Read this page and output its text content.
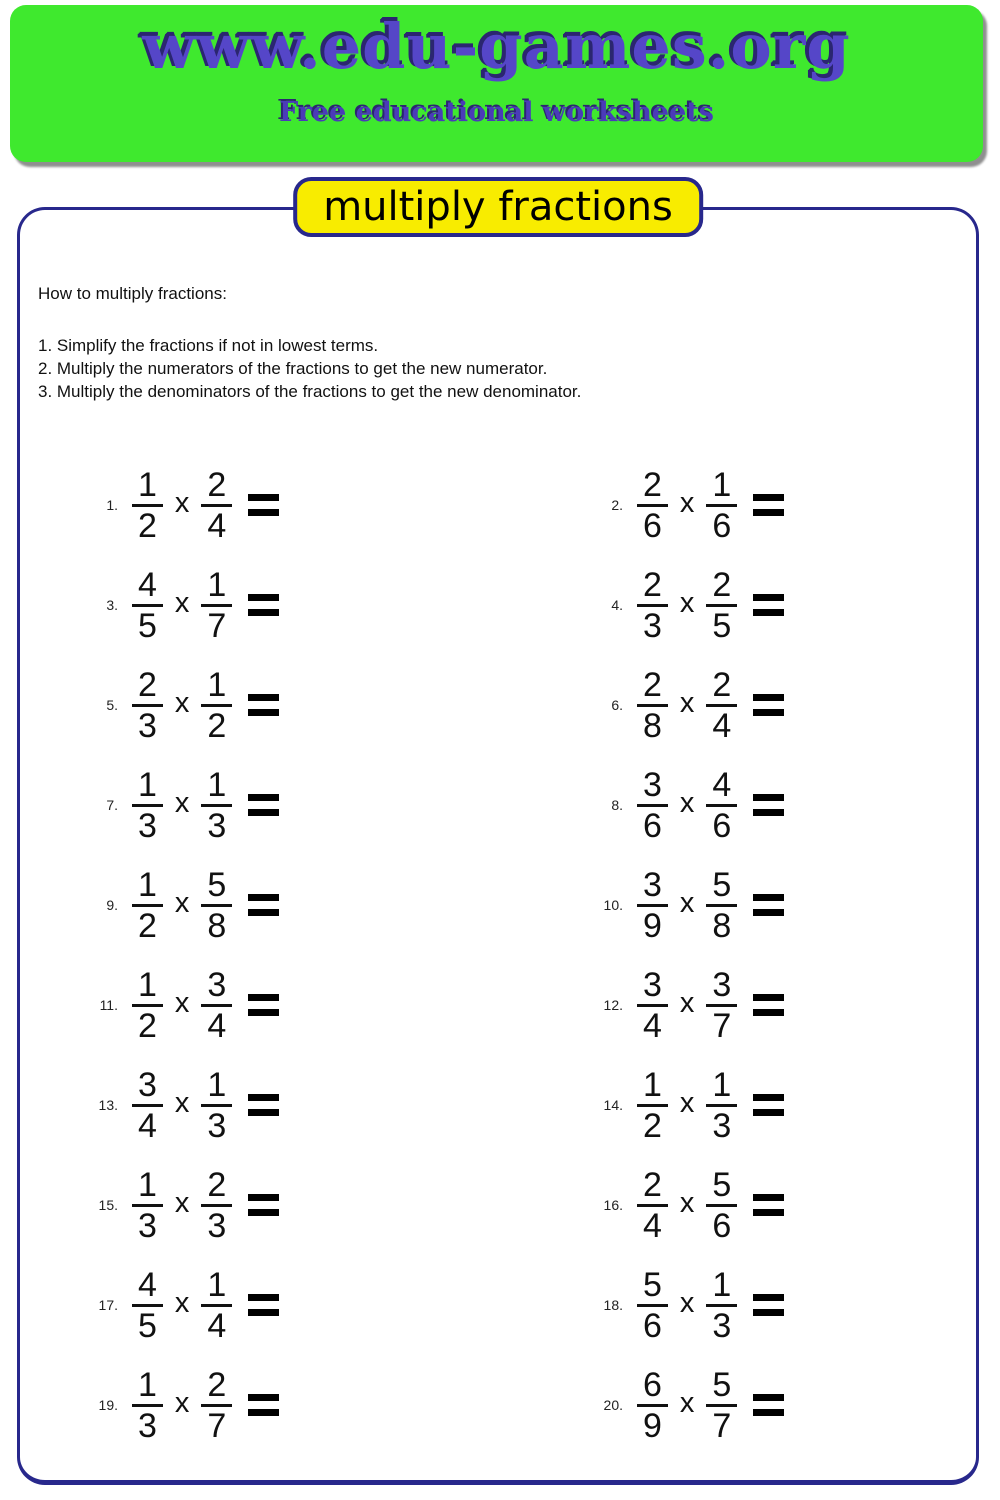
www.edu-games.org
Free educational worksheets
multiply fractions
How to multiply fractions:
1. Simplify the fractions if not in lowest terms.
2. Multiply the numerators of the fractions to get the new numerator.
3. Multiply the denominators of the fractions to get the new denominator.
1. $\frac{1}{2}$ x $\frac{2}{4}$	2. $\frac{2}{6}$ x $\frac{1}{6}$
3. $\frac{4}{5}$ x $\frac{1}{7}$	4. $\frac{2}{3}$ x $\frac{2}{5}$
5. $\frac{2}{3}$ x $\frac{1}{2}$	6. $\frac{2}{8}$ x $\frac{2}{4}$
7. $\frac{1}{3}$ x $\frac{1}{3}$	8. $\frac{3}{6}$ x $\frac{4}{6}$
9. $\frac{1}{2}$ x $\frac{5}{8}$	10. $\frac{3}{9}$ x $\frac{5}{8}$
11. $\frac{1}{2}$ x $\frac{3}{4}$	12. $\frac{3}{4}$ x $\frac{3}{7}$
13. $\frac{3}{4}$ x $\frac{1}{3}$	14. $\frac{1}{2}$ x $\frac{1}{3}$
15. $\frac{1}{3}$ x $\frac{2}{3}$	16. $\frac{2}{4}$ x $\frac{5}{6}$
17. $\frac{4}{5}$ x $\frac{1}{4}$	18. $\frac{5}{6}$ x $\frac{1}{3}$
19. $\frac{1}{3}$ x $\frac{2}{7}$	20. $\frac{6}{9}$ x $\frac{5}{7}$
